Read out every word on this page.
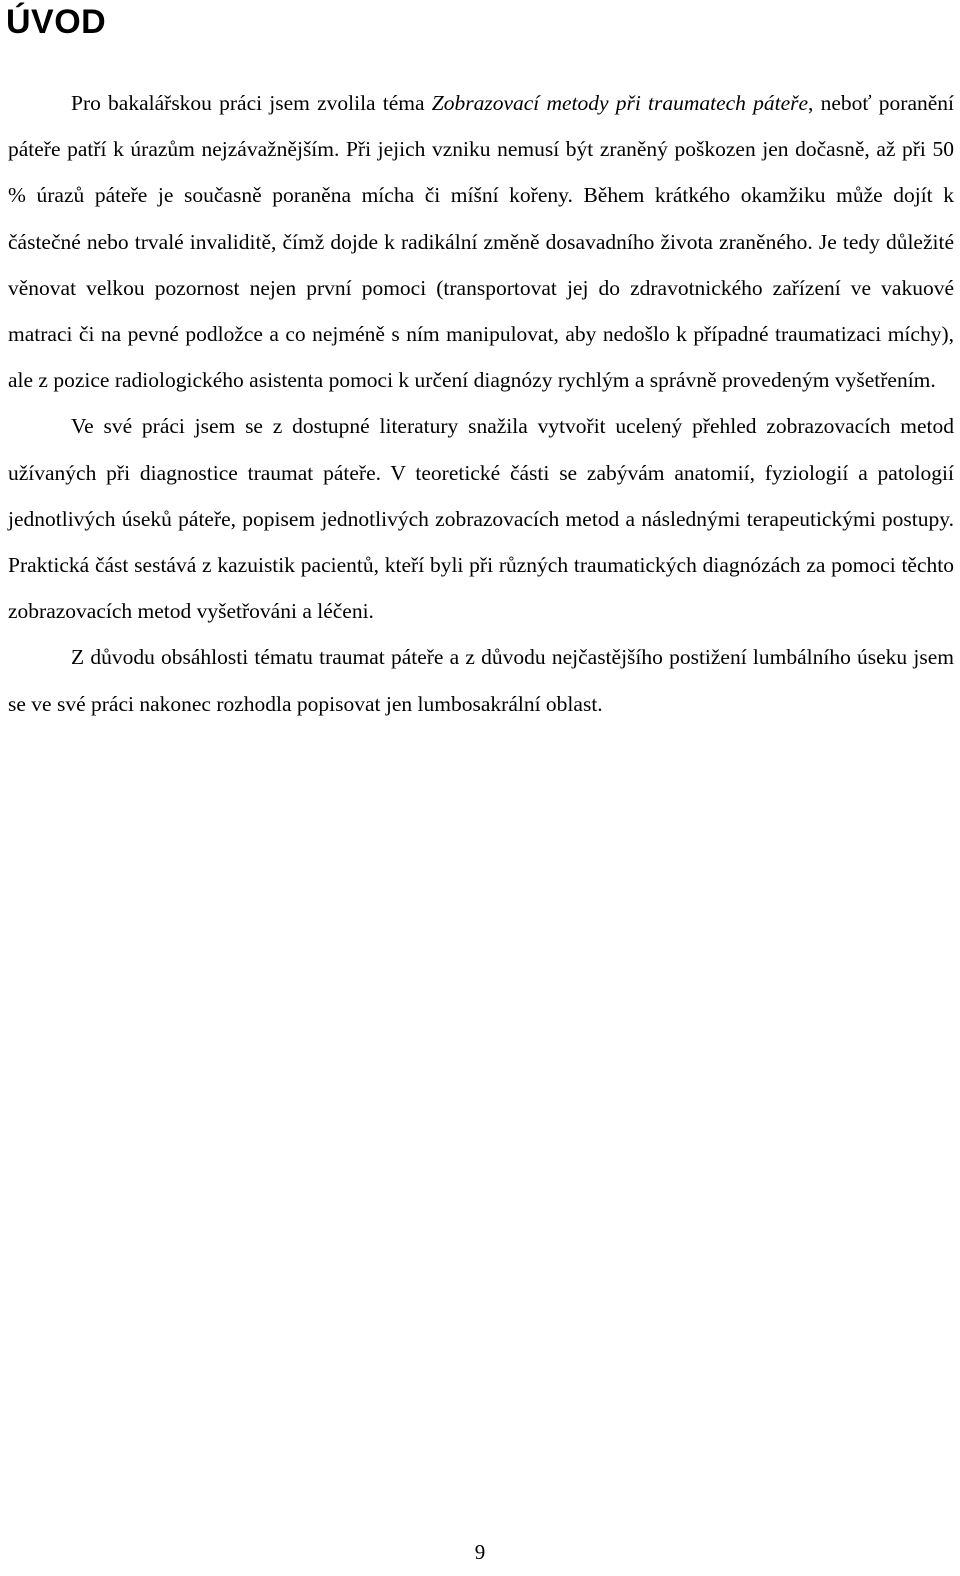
ÚVOD

Pro bakalářskou práci jsem zvolila téma Zobrazovací metody při traumatech páteře, neboť poranění páteře patří k úrazům nejzávažnějším. Při jejich vzniku nemusí být zraněný poškozen jen dočasně, až při 50 % úrazů páteře je současně poraněna mícha či míšní kořeny. Během krátkého okamžiku může dojít k částečné nebo trvalé invaliditě, čímž dojde k radikální změně dosavadního života zraněného. Je tedy důležité věnovat velkou pozornost nejen první pomoci (transportovat jej do zdravotnického zařízení ve vakuové matraci či na pevné podložce a co nejméně s ním manipulovat, aby nedošlo k případné traumatizaci míchy), ale z pozice radiologického asistenta pomoci k určení diagnózy rychlým a správně provedeným vyšetřením.

Ve své práci jsem se z dostupné literatury snažila vytvořit ucelený přehled zobrazovacích metod užívaných při diagnostice traumat páteře. V teoretické části se zabývám anatomií, fyziologií a patologií jednotlivých úseků páteře, popisem jednotlivých zobrazovacích metod a následnými terapeutickými postupy. Praktická část sestává z kazuistik pacientů, kteří byli při různých traumatických diagnózách za pomoci těchto zobrazovacích metod vyšetřováni a léčeni.

Z důvodu obsáhlosti tématu traumat páteře a z důvodu nejčastějšího postižení lumbálního úseku jsem se ve své práci nakonec rozhodla popisovat jen lumbosakrální oblast.

9
